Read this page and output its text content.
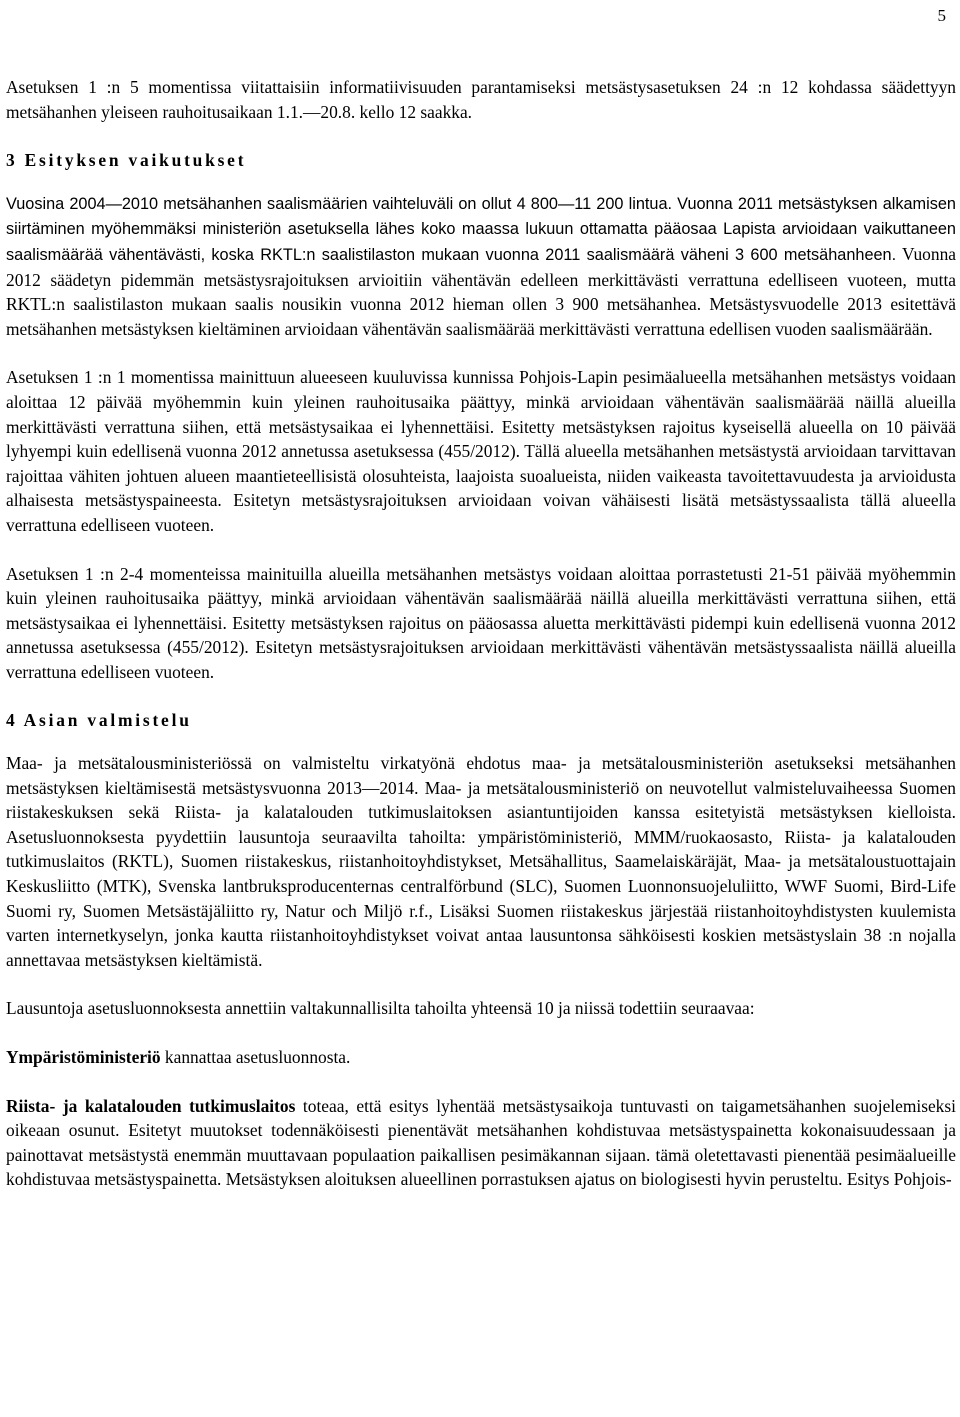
5

Asetuksen 1 :n 5 momentissa viitattaisiin informatiivisuuden parantamiseksi metsästysasetuksen 24 :n 12 kohdassa säädettyyn metsähanhen yleiseen rauhoitusaikaan 1.1.—20.8. kello 12 saakka.

3 Esityksen vaikutukset

Vuosina 2004—2010 metsähanhen saalismäärien vaihteluväli on ollut 4 800—11 200 lintua. Vuonna 2011 metsästyksen alkamisen siirtäminen myöhemmäksi ministeriön asetuksella lähes koko maassa lukuun ottamatta pääosaa Lapista arvioidaan vaikuttaneen saalismäärää vähentävästi, koska RKTL:n saalistilaston mukaan vuonna 2011 saalismäärä väheni 3 600 metsähanheen. Vuonna 2012 säädetyn pidemmän metsästysrajoituksen arvioitiin vähentävän edelleen merkittävästi verrattuna edelliseen vuoteen, mutta RKTL:n saalistilaston mukaan saalis nousikin vuonna 2012 hieman ollen 3 900 metsähanhea. Metsästysvuodelle 2013 esitettävä metsähanhen metsästyksen kieltäminen arvioidaan vähentävän saalismäärää merkittävästi verrattuna edellisen vuoden saalismäärään.

Asetuksen 1 :n 1 momentissa mainittuun alueeseen kuuluvissa kunnissa Pohjois-Lapin pesimäalueella metsähanhen metsästys voidaan aloittaa 12 päivää myöhemmin kuin yleinen rauhoitusaika päättyy, minkä arvioidaan vähentävän saalismäärää näillä alueilla merkittävästi verrattuna siihen, että metsästysaikaa ei lyhennettäisi. Esitetty metsästyksen rajoitus kyseisellä alueella on 10 päivää lyhyempi kuin edellisenä vuonna 2012 annetussa asetuksessa (455/2012). Tällä alueella metsähanhen metsästystä arvioidaan tarvittavan rajoittaa vähiten johtuen alueen maantieteellisistä olosuhteista, laajoista suoalueista, niiden vaikeasta tavoitettavuudesta ja arvioidusta alhaisesta metsästyspaineesta. Esitetyn metsästysrajoituksen arvioidaan voivan vähäisesti lisätä metsästyssaalista tällä alueella verrattuna edelliseen vuoteen.

Asetuksen 1 :n 2-4 momenteissa mainituilla alueilla metsähanhen metsästys voidaan aloittaa porrastetusti 21-51 päivää myöhemmin kuin yleinen rauhoitusaika päättyy, minkä arvioidaan vähentävän saalismäärää näillä alueilla merkittävästi verrattuna siihen, että metsästysaikaa ei lyhennettäisi. Esitetty metsästyksen rajoitus on pääosassa aluetta merkittävästi pidempi kuin edellisenä vuonna 2012 annetussa asetuksessa (455/2012). Esitetyn metsästysrajoituksen arvioidaan merkittävästi vähentävän metsästyssaalista näillä alueilla verrattuna edelliseen vuoteen.

4 Asian valmistelu

Maa- ja metsätalousministeriössä on valmisteltu virkatyönä ehdotus maa- ja metsätalousministeriön asetukseksi metsähanhen metsästyksen kieltämisestä metsästysvuonna 2013—2014. Maa- ja metsätalousministeriö on neuvotellut valmisteluvaiheessa Suomen riistakeskuksen sekä Riista- ja kalatalouden tutkimuslaitoksen asiantuntijoiden kanssa esitetyistä metsästyksen kielloista. Asetusluonnoksesta pyydettiin lausuntoja seuraavilta tahoilta: ympäristöministeriö, MMM/ruokaosasto, Riista- ja kalatalouden tutkimuslaitos (RKTL), Suomen riistakeskus, riistanhoitoyhdistykset, Metsähallitus, Saamelaiskäräjät, Maa- ja metsätaloustuottajain Keskusliitto (MTK), Svenska lantbruksproducenternas centralförbund (SLC), Suomen Luonnonsuojeluliitto, WWF Suomi, Bird-Life Suomi ry, Suomen Metsästäjäliitto ry, Natur och Miljö r.f., Lisäksi Suomen riistakeskus järjestää riistanhoitoyhdistysten kuulemista varten internetkyselyn, jonka kautta riistanhoitoyhdistykset voivat antaa lausuntonsa sähköisesti koskien metsästyslain 38 :n nojalla annettavaa metsästyksen kieltämistä.

Lausuntoja asetusluonnoksesta annettiin valtakunnallisilta tahoilta yhteensä 10 ja niissä todettiin seuraavaa:

Ympäristöministeriö kannattaa asetusluonnosta.

Riista- ja kalatalouden tutkimuslaitos toteaa, että esitys lyhentää metsästysaikoja tuntuvasti on taigametsähanhen suojelemiseksi oikeaan osunut. Esitetyt muutokset todennäköisesti pienentävät metsähanhen kohdistuvaa metsästyspainetta kokonaisuudessaan ja painottavat metsästystä enemmän muuttavaan populaation paikallisen pesimäkannan sijaan. tämä oletettavasti pienentää pesimäalueille kohdistuvaa metsästyspainetta. Metsästyksen aloituksen alueellinen porrastuksen ajatus on biologisesti hyvin perusteltu. Esitys Pohjois-
